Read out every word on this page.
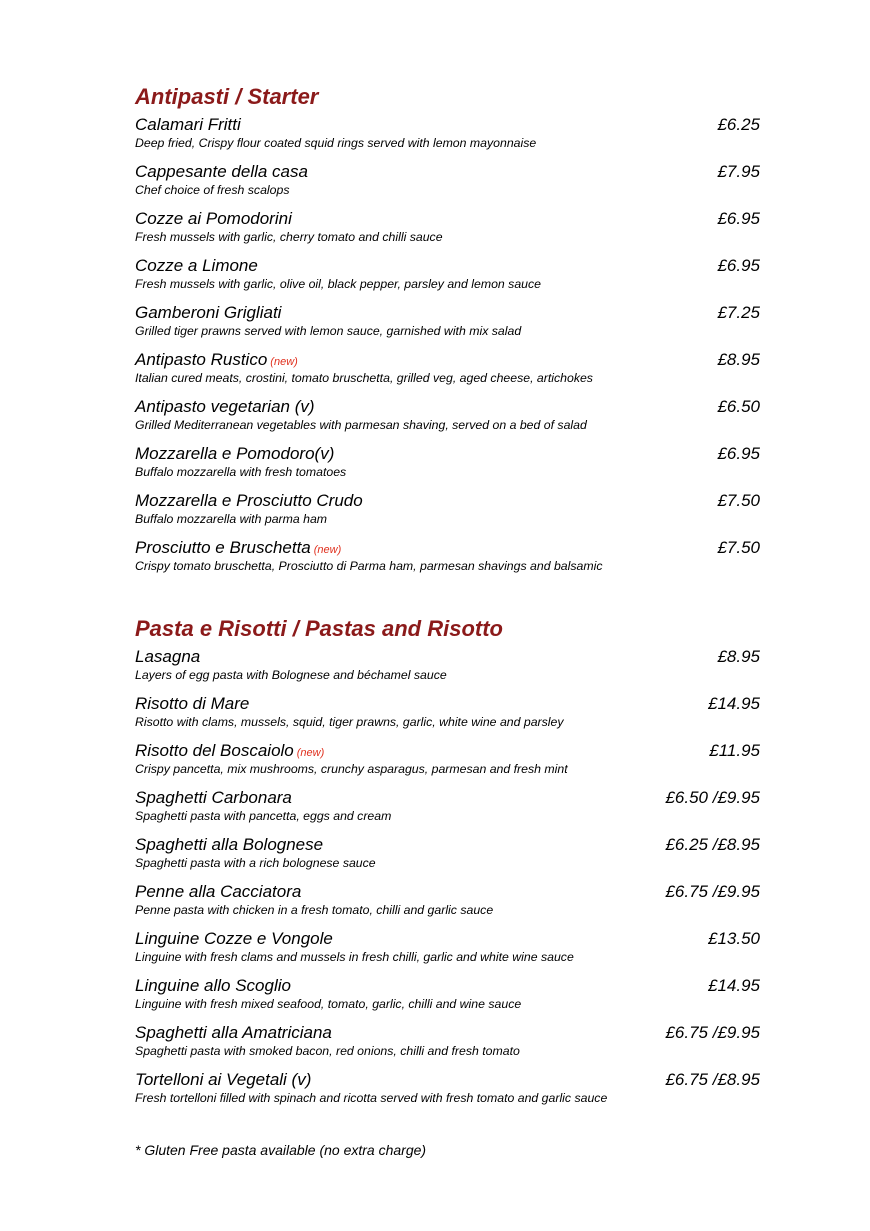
Antipasti / Starter
Calamari Fritti	£6.25
Deep fried, Crispy flour coated squid rings served with lemon mayonnaise
Cappesante della casa	£7.95
Chef choice of fresh scalops
Cozze ai Pomodorini	£6.95
Fresh mussels with garlic, cherry tomato and chilli sauce
Cozze a Limone	£6.95
Fresh mussels with garlic, olive oil, black pepper, parsley and lemon sauce
Gamberoni Grigliati	£7.25
Grilled tiger prawns served with lemon sauce, garnished with mix salad
Antipasto Rustico (new)	£8.95
Italian cured meats, crostini, tomato bruschetta, grilled veg, aged cheese, artichokes
Antipasto vegetarian (v)	£6.50
Grilled Mediterranean vegetables with parmesan shaving, served on a bed of salad
Mozzarella e Pomodoro(v)	£6.95
Buffalo mozzarella with fresh tomatoes
Mozzarella e Prosciutto Crudo	£7.50
Buffalo mozzarella with parma ham
Prosciutto e Bruschetta (new)	£7.50
Crispy tomato bruschetta, Prosciutto di Parma ham, parmesan shavings and balsamic
Pasta e Risotti / Pastas and Risotto
Lasagna	£8.95
Layers of egg pasta with Bolognese and béchamel sauce
Risotto di Mare	£14.95
Risotto with clams, mussels, squid, tiger prawns, garlic, white wine and parsley
Risotto del Boscaiolo (new)	£11.95
Crispy pancetta, mix mushrooms, crunchy asparagus, parmesan and fresh mint
Spaghetti Carbonara	£6.50 /£9.95
Spaghetti pasta with pancetta, eggs and cream
Spaghetti alla Bolognese	£6.25 /£8.95
Spaghetti pasta with a rich bolognese sauce
Penne alla Cacciatora	£6.75 /£9.95
Penne pasta with chicken in a fresh tomato, chilli and garlic sauce
Linguine Cozze e Vongole	£13.50
Linguine with fresh clams and mussels in fresh chilli, garlic and white wine sauce
Linguine allo Scoglio	£14.95
Linguine with fresh mixed seafood, tomato, garlic, chilli and wine sauce
Spaghetti alla Amatriciana	£6.75 /£9.95
Spaghetti pasta with smoked bacon, red onions, chilli and fresh tomato
Tortelloni ai Vegetali (v)	£6.75 /£8.95
Fresh tortelloni filled with spinach and ricotta served with fresh tomato and garlic sauce
* Gluten Free pasta available (no extra charge)
